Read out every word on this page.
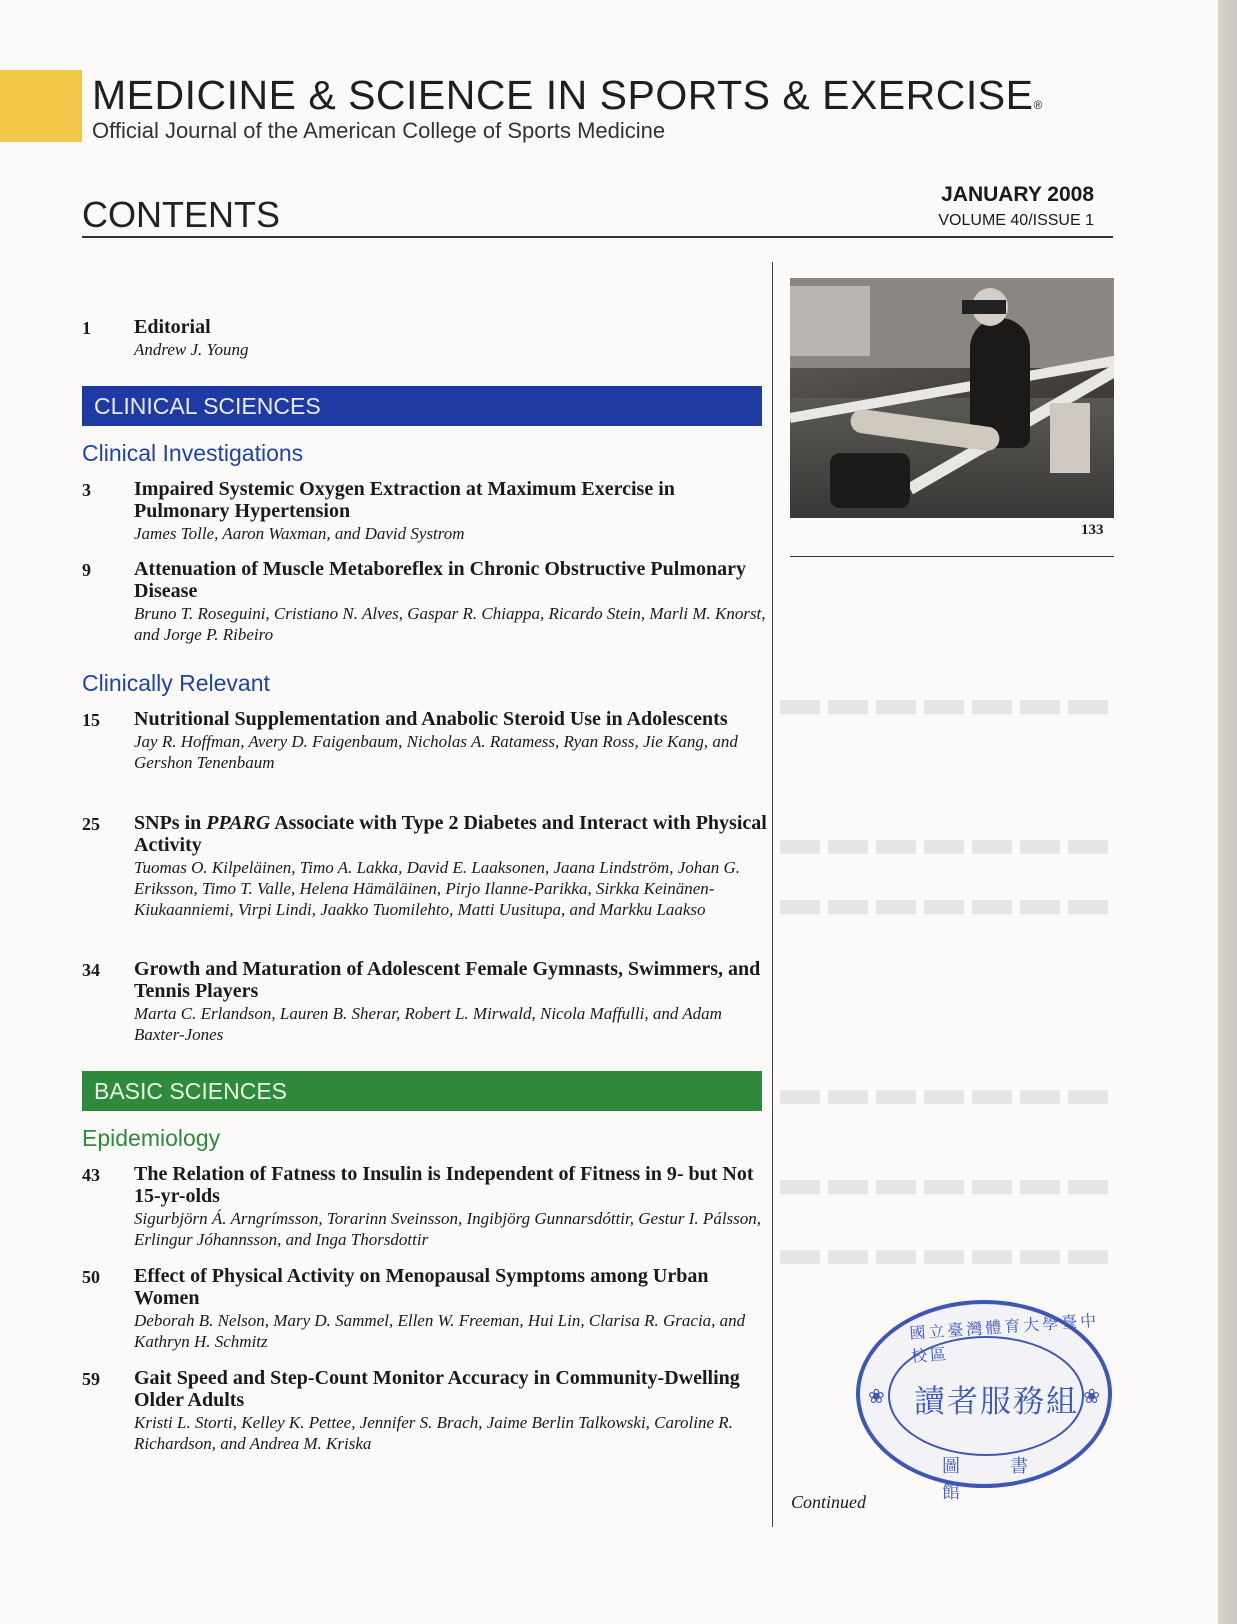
MEDICINE & SCIENCE IN SPORTS & EXERCISE®
Official Journal of the American College of Sports Medicine
CONTENTS	JANUARY 2008
VOLUME 40/ISSUE 1
133
1	Editorial
Andrew J. Young
CLINICAL SCIENCES
Clinical Investigations
3	Impaired Systemic Oxygen Extraction at Maximum Exercise in Pulmonary Hypertension
James Tolle, Aaron Waxman, and David Systrom
9	Attenuation of Muscle Metaboreflex in Chronic Obstructive Pulmonary Disease
Bruno T. Roseguini, Cristiano N. Alves, Gaspar R. Chiappa, Ricardo Stein, Marli M. Knorst, and Jorge P. Ribeiro
Clinically Relevant
15	Nutritional Supplementation and Anabolic Steroid Use in Adolescents
Jay R. Hoffman, Avery D. Faigenbaum, Nicholas A. Ratamess, Ryan Ross, Jie Kang, and Gershon Tenenbaum
25	SNPs in PPARG Associate with Type 2 Diabetes and Interact with Physical Activity
Tuomas O. Kilpeläinen, Timo A. Lakka, David E. Laaksonen, Jaana Lindström, Johan G. Eriksson, Timo T. Valle, Helena Hämäläinen, Pirjo Ilanne-Parikka, Sirkka Keinänen-Kiukaanniemi, Virpi Lindi, Jaakko Tuomilehto, Matti Uusitupa, and Markku Laakso
34	Growth and Maturation of Adolescent Female Gymnasts, Swimmers, and Tennis Players
Marta C. Erlandson, Lauren B. Sherar, Robert L. Mirwald, Nicola Maffulli, and Adam Baxter-Jones
BASIC SCIENCES
Epidemiology
43	The Relation of Fatness to Insulin is Independent of Fitness in 9- but Not 15-yr-olds
Sigurbjörn Á. Arngrímsson, Torarinn Sveinsson, Ingibjörg Gunnarsdóttir, Gestur I. Pálsson, Erlingur Jóhannsson, and Inga Thorsdottir
50	Effect of Physical Activity on Menopausal Symptoms among Urban Women
Deborah B. Nelson, Mary D. Sammel, Ellen W. Freeman, Hui Lin, Clarisa R. Gracia, and Kathryn H. Schmitz
59	Gait Speed and Step-Count Monitor Accuracy in Community-Dwelling Older Adults
Kristi L. Storti, Kelley K. Pettee, Jennifer S. Brach, Jaime Berlin Talkowski, Caroline R. Richardson, and Andrea M. Kriska
Continued
國立臺灣體育大學臺中校區
❀	❀
讀者服務組
圖書館
